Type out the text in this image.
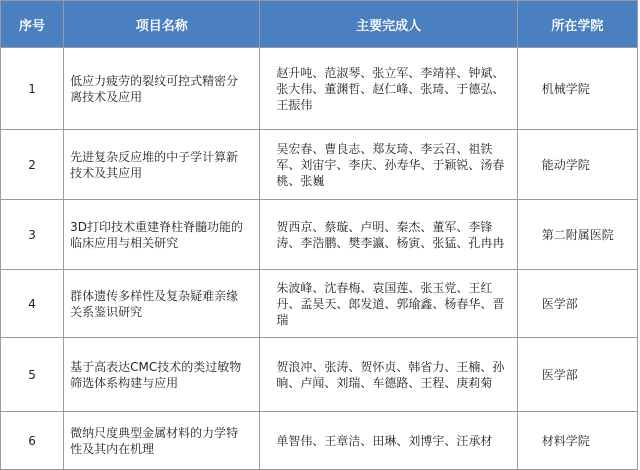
序号	项目名称	主要完成人	所在学院
1	低应力疲劳的裂纹可控式精密分离技术及应用	赵升吨、范淑琴、张立军、李靖祥、钟斌、张大伟、董渊哲、赵仁峰、张琦、于德弘、王振伟	机械学院
2	先进复杂反应堆的中子学计算新技术及其应用	吴宏春、曹良志、郑友琦、李云召、祖铁军、刘宙宇、李庆、孙寿华、于颖锐、汤春桃、张巍	能动学院
3	3D打印技术重建脊柱脊髓功能的临床应用与相关研究	贺西京、蔡璇、卢明、秦杰、董军、李锋涛、李浩鹏、樊李瀛、杨寅、张猛、孔冉冉	第二附属医院
4	群体遗传多样性及复杂疑难亲缘关系鉴识研究	朱波峰、沈春梅、袁国莲、张玉党、王红丹、孟昊天、郎发道、郭瑜鑫、杨春华、晋瑞	医学部
5	基于高表达CMC技术的类过敏物筛选体系构建与应用	贺浪冲、张涛、贺怀贞、韩省力、王楠、孙晌、卢闻、刘瑞、车德路、王程、庚莉菊	医学部
6	微纳尺度典型金属材料的力学特性及其内在机理	单智伟、王章洁、田琳、刘博宇、汪承材	材料学院
